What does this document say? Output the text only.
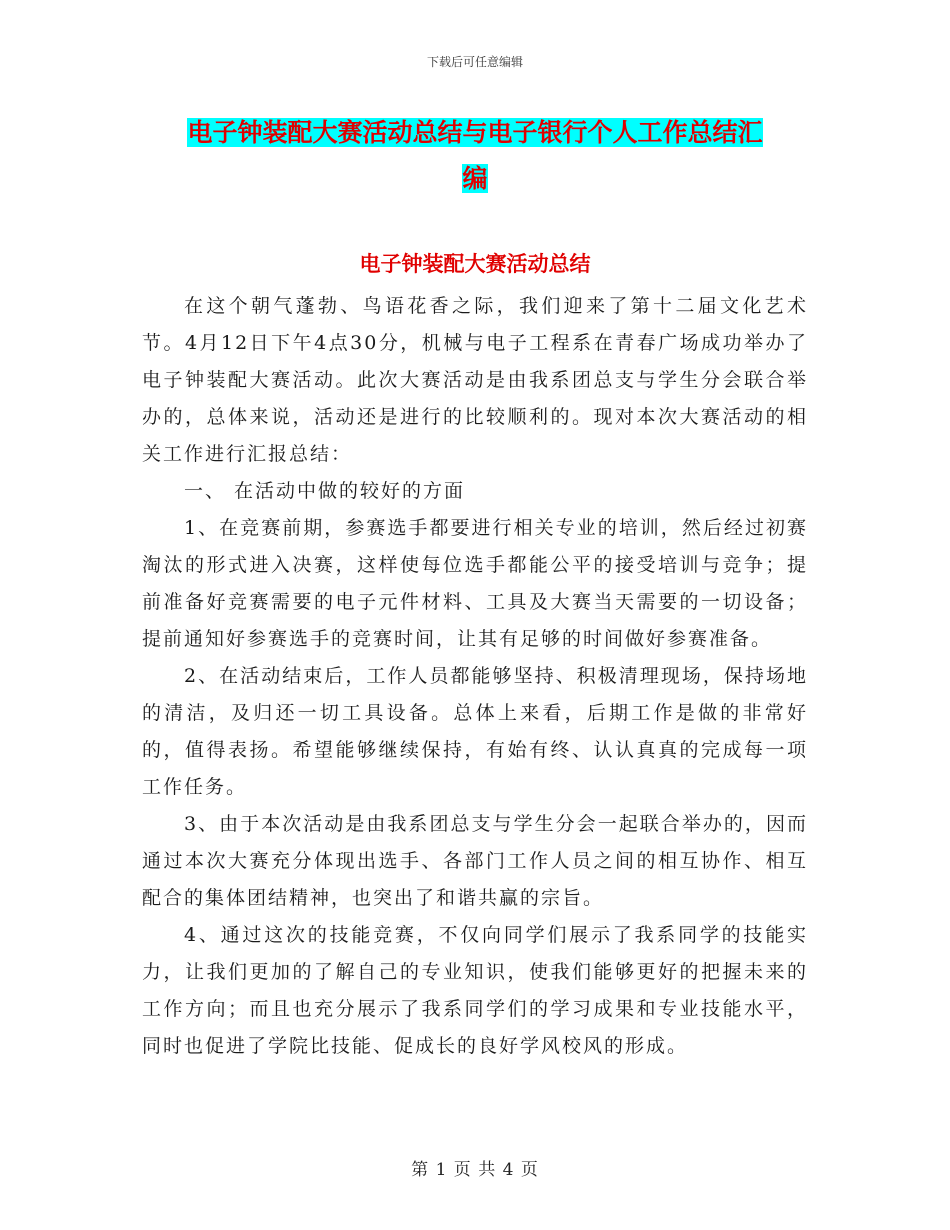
下载后可任意编辑
电子钟装配大赛活动总结与电子银行个人工作总结汇
编
电子钟装配大赛活动总结

在这个朝气蓬勃、鸟语花香之际，我们迎来了第十二届文化艺术节。4月12日下午4点30分，机械与电子工程系在青春广场成功举办了电子钟装配大赛活动。此次大赛活动是由我系团总支与学生分会联合举办的，总体来说，活动还是进行的比较顺利的。现对本次大赛活动的相关工作进行汇报总结：

一、 在活动中做的较好的方面

1、在竞赛前期，参赛选手都要进行相关专业的培训，然后经过初赛淘汰的形式进入决赛，这样使每位选手都能公平的接受培训与竞争；提前准备好竞赛需要的电子元件材料、工具及大赛当天需要的一切设备；提前通知好参赛选手的竞赛时间，让其有足够的时间做好参赛准备。

2、在活动结束后，工作人员都能够坚持、积极清理现场，保持场地的清洁，及归还一切工具设备。总体上来看，后期工作是做的非常好的，值得表扬。希望能够继续保持，有始有终、认认真真的完成每一项工作任务。

3、由于本次活动是由我系团总支与学生分会一起联合举办的，因而通过本次大赛充分体现出选手、各部门工作人员之间的相互协作、相互配合的集体团结精神，也突出了和谐共赢的宗旨。

4、通过这次的技能竞赛，不仅向同学们展示了我系同学的技能实力，让我们更加的了解自己的专业知识，使我们能够更好的把握未来的工作方向；而且也充分展示了我系同学们的学习成果和专业技能水平，同时也促进了学院比技能、促成长的良好学风校风的形成。

第 1 页 共 4 页
